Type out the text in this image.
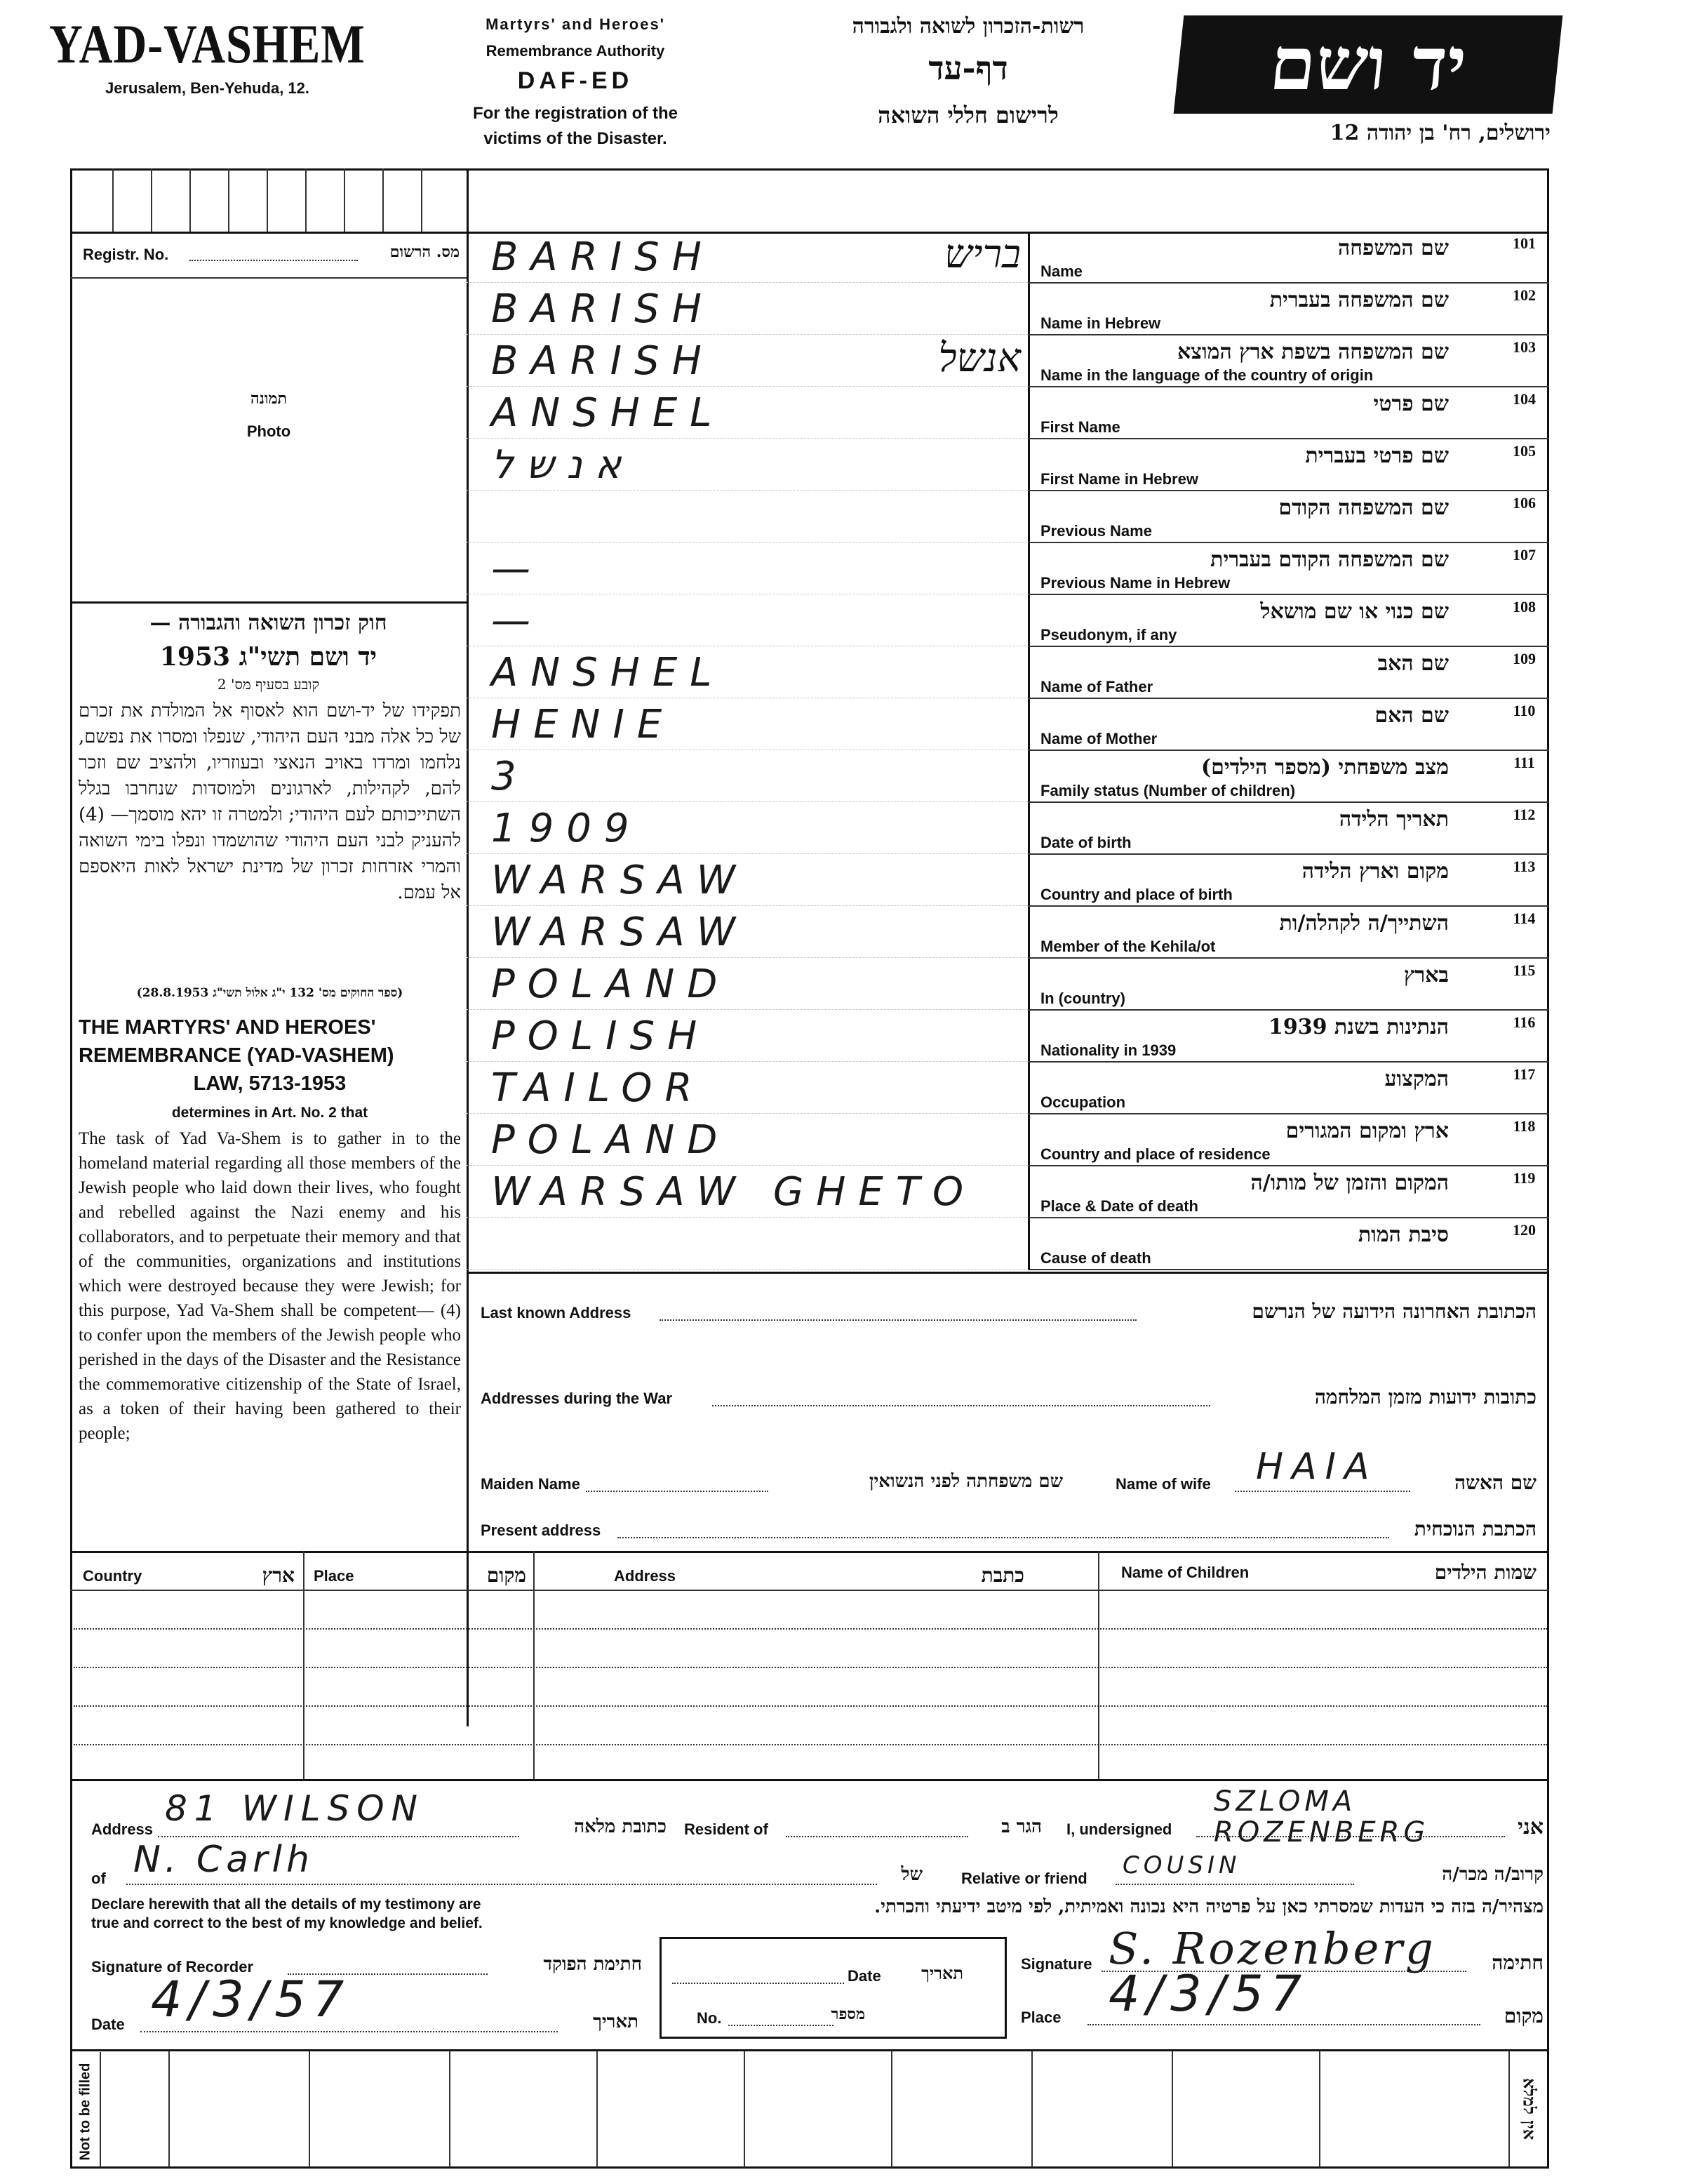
YAD-VASHEM
Jerusalem, Ben-Yehuda, 12.
Martyrs' and Heroes'
Remembrance Authority
DAF-ED
For the registration of the
victims of the Disaster.
רשות-הזכרון לשואה ולגבורה
דף-עד
לרישום חללי השואה
יד ושם
ירושלים, רח' בן יהודה 12
Registr. No.	מס. הרשום
תמונה
Photo
חוק זכרון השואה והגבורה —
יד ושם תשי"ג 1953
קובע בסעיף מס' 2
תפקידו של יד-ושם הוא לאסוף אל המולדת את זכרם של כל אלה מבני העם היהודי, שנפלו ומסרו את נפשם, נלחמו ומרדו באויב הנאצי ובעוזריו, ולהציב שם וזכר להם, לקהילות, לארגונים ולמוסדות שנחרבו בגלל השתייכותם לעם היהודי; ולמטרה זו יהא מוסמך— (4) להעניק לבני העם היהודי שהושמדו ונפלו בימי השואה והמרי אזרחות זכרון של מדינת ישראל לאות היאספם אל עמם.
(ספר החוקים מס' 132 י"ג אלול תשי"ג 28.8.1953)
THE MARTYRS' AND HEROES'
REMEMBRANCE (YAD-VASHEM)
LAW, 5713-1953
determines in Art. No. 2 that
The task of Yad Va-Shem is to gather in to the homeland material regarding all those members of the Jewish people who laid down their lives, who fought and rebelled against the Nazi enemy and his collaborators, and to perpetuate their memory and that of the communities, organizations and institutions which were destroyed because they were Jewish; for this purpose, Yad Va-Shem shall be competent— (4) to confer upon the members of the Jewish people who perished in the days of the Disaster and the Resistance the commemorative citizenship of the State of Israel, as a token of their having been gathered to their people;
BARISH	בריש	שם המשפחה
Name
101
BARISH	שם המשפחה בעברית
Name in Hebrew
102
BARISH	אנשל	שם המשפחה בשפת ארץ המוצא
Name in the language of the country of origin
103
ANSHEL	שם פרטי
First Name
104
אנשל	שם פרטי בעברית
First Name in Hebrew
105
שם המשפחה הקודם
Previous Name
106
—	שם המשפחה הקודם בעברית
Previous Name in Hebrew
107
—	שם כנוי או שם מושאל
Pseudonym, if any
108
ANSHEL	שם האב
Name of Father
109
HENIE	שם האם
Name of Mother
110
3	מצב משפחתי (מספר הילדים)
Family status (Number of children)
111
1909	תאריך הלידה
Date of birth
112
WARSAW	מקום וארץ הלידה
Country and place of birth
113
WARSAW	השתייך/ה לקהלה/ות
Member of the Kehila/ot
114
POLAND	בארץ
In (country)
115
POLISH	הנתינות בשנת 1939
Nationality in 1939
116
TAILOR	המקצוע
Occupation
117
POLAND	ארץ ומקום המגורים
Country and place of residence
118
WARSAW GHETO	המקום והזמן של מותו/ה
Place & Date of death
119
סיבת המות
Cause of death
120
Last known Address	הכתובת האחרונה הידועה של הנרשם
Addresses during the War	כתובות ידועות מזמן המלחמה
Maiden Name	שם משפחתה לפני הנשואין	Name of wife HAIA	שם האשה
Present address	הכתבת הנוכחית
Country	ארץ Place	מקום	Address	כתבת	Name of Children	שמות הילדים
Address
81 WILSON	כתובת מלאה Resident of	הגר ב I, undersigned
SZLOMA ROZENBERG	אני
of N. Carlh	של	Relative or friend COUSIN	קרוב/ה מכר/ה
Declare herewith that all the details of my testimony are true and correct to the best of my knowledge and belief.
מצהיר/ה בזה כי העדות שמסרתי כאן על פרטיה היא נכונה ואמיתית, לפי מיטב ידיעתי והכרתי.
Signature of Recorder	חתימת הפוקד
Date 4/3/57	תאריך
Date	תאריך
No.	מספר
Signature S. Rozenberg	חתימה
Place 4/3/57	מקום
Not to be filled	אין למלא
